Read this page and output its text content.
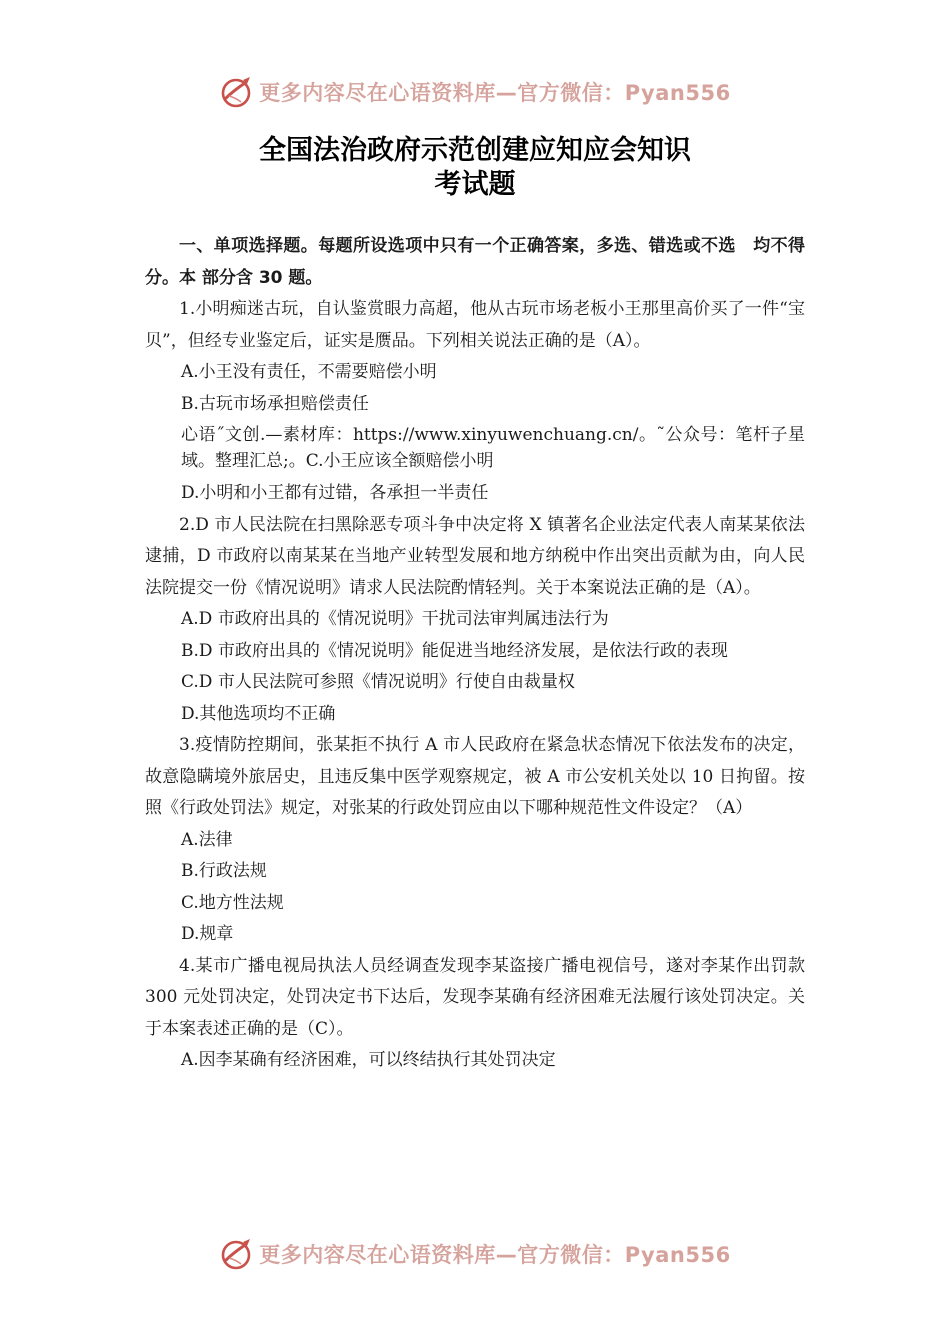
更多内容尽在心语资料库—官方微信：Pyan556
全国法治政府示范创建应知应会知识
考试题

一、单项选择题。每题所设选项中只有一个正确答案，多选、错选或不选　均不得分。本 部分含 30 题。

1.小明痴迷古玩，自认鉴赏眼力高超，他从古玩市场老板小王那里高价买了一件“宝贝”，但经专业鉴定后，证实是赝品。下列相关说法正确的是（A）。

A.小王没有责任，不需要赔偿小明

B.古玩市场承担赔偿责任

心语˝文创.—素材库：https://www.xinyuwenchuang.cn/。˜公众号：笔杆子星域。整理汇总;。C.小王应该全额赔偿小明

D.小明和小王都有过错，各承担一半责任

2.D 市人民法院在扫黑除恶专项斗争中决定将 X 镇著名企业法定代表人南某某依法逮捕，D 市政府以南某某在当地产业转型发展和地方纳税中作出突出贡献为由，向人民法院提交一份《情况说明》请求人民法院酌情轻判。关于本案说法正确的是（A）。

A.D 市政府出具的《情况说明》干扰司法审判属违法行为

B.D 市政府出具的《情况说明》能促进当地经济发展，是依法行政的表现

C.D 市人民法院可参照《情况说明》行使自由裁量权

D.其他选项均不正确

3.疫情防控期间，张某拒不执行 A 市人民政府在紧急状态情况下依法发布的决定，故意隐瞒境外旅居史，且违反集中医学观察规定，被 A 市公安机关处以 10 日拘留。按照《行政处罚法》规定，对张某的行政处罚应由以下哪种规范性文件设定？（A）

A.法律

B.行政法规

C.地方性法规

D.规章

4.某市广播电视局执法人员经调查发现李某盗接广播电视信号，遂对李某作出罚款 300 元处罚决定，处罚决定书下达后，发现李某确有经济困难无法履行该处罚决定。关于本案表述正确的是（C）。

A.因李某确有经济困难，可以终结执行其处罚决定

更多内容尽在心语资料库—官方微信：Pyan556
